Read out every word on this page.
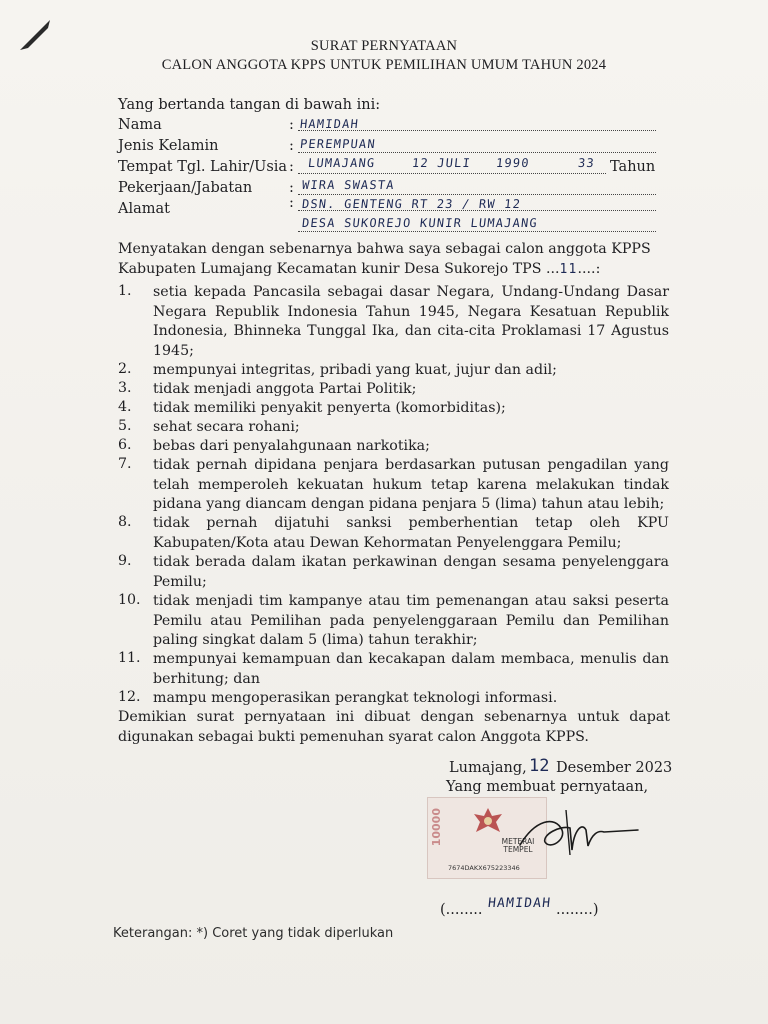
SURAT PERNYATAAN
CALON ANGGOTA KPPS UNTUK PEMILIHAN UMUM TAHUN 2024
Yang bertanda tangan di bawah ini:
Nama	: HAMIDAH
Jenis Kelamin	: PEREMPUAN
Tempat Tgl. Lahir/Usia : LUMAJANG	12 JULI 1990	33 Tahun
Pekerjaan/Jabatan	: WIRA SWASTA
Alamat	: DSN. GENTENG RT 23 / RW 12
DESA SUKOREJO KUNIR LUMAJANG
Menyatakan dengan sebenarnya bahwa saya sebagai calon anggota KPPS
Kabupaten Lumajang Kecamatan kunir Desa Sukorejo TPS ...11....:
1. setia kepada Pancasila sebagai dasar Negara, Undang-Undang Dasar Negara Republik Indonesia Tahun 1945, Negara Kesatuan Republik Indonesia, Bhinneka Tunggal Ika, dan cita-cita Proklamasi 17 Agustus 1945;
2. mempunyai integritas, pribadi yang kuat, jujur dan adil;
3. tidak menjadi anggota Partai Politik;
4. tidak memiliki penyakit penyerta (komorbiditas);
5. sehat secara rohani;
6. bebas dari penyalahgunaan narkotika;
7. tidak pernah dipidana penjara berdasarkan putusan pengadilan yang telah memperoleh kekuatan hukum tetap karena melakukan tindak pidana yang diancam dengan pidana penjara 5 (lima) tahun atau lebih;
8. tidak pernah dijatuhi sanksi pemberhentian tetap oleh KPU Kabupaten/Kota atau Dewan Kehormatan Penyelenggara Pemilu;
9. tidak berada dalam ikatan perkawinan dengan sesama penyelenggara Pemilu;
10. tidak menjadi tim kampanye atau tim pemenangan atau saksi peserta Pemilu atau Pemilihan pada penyelenggaraan Pemilu dan Pemilihan paling singkat dalam 5 (lima) tahun terakhir;
11. mempunyai kemampuan dan kecakapan dalam membaca, menulis dan berhitung; dan
12. mampu mengoperasikan perangkat teknologi informasi.
Demikian surat pernyataan ini dibuat dengan sebenarnya untuk dapat digunakan sebagai bukti pemenuhan syarat calon Anggota KPPS.
Lumajang, 12 Desember 2023
Yang membuat pernyataan,
10000	METERAI TEMPEL
7674DAKX675223346
(........ HAMIDAH ........)
Keterangan: *) Coret yang tidak diperlukan
